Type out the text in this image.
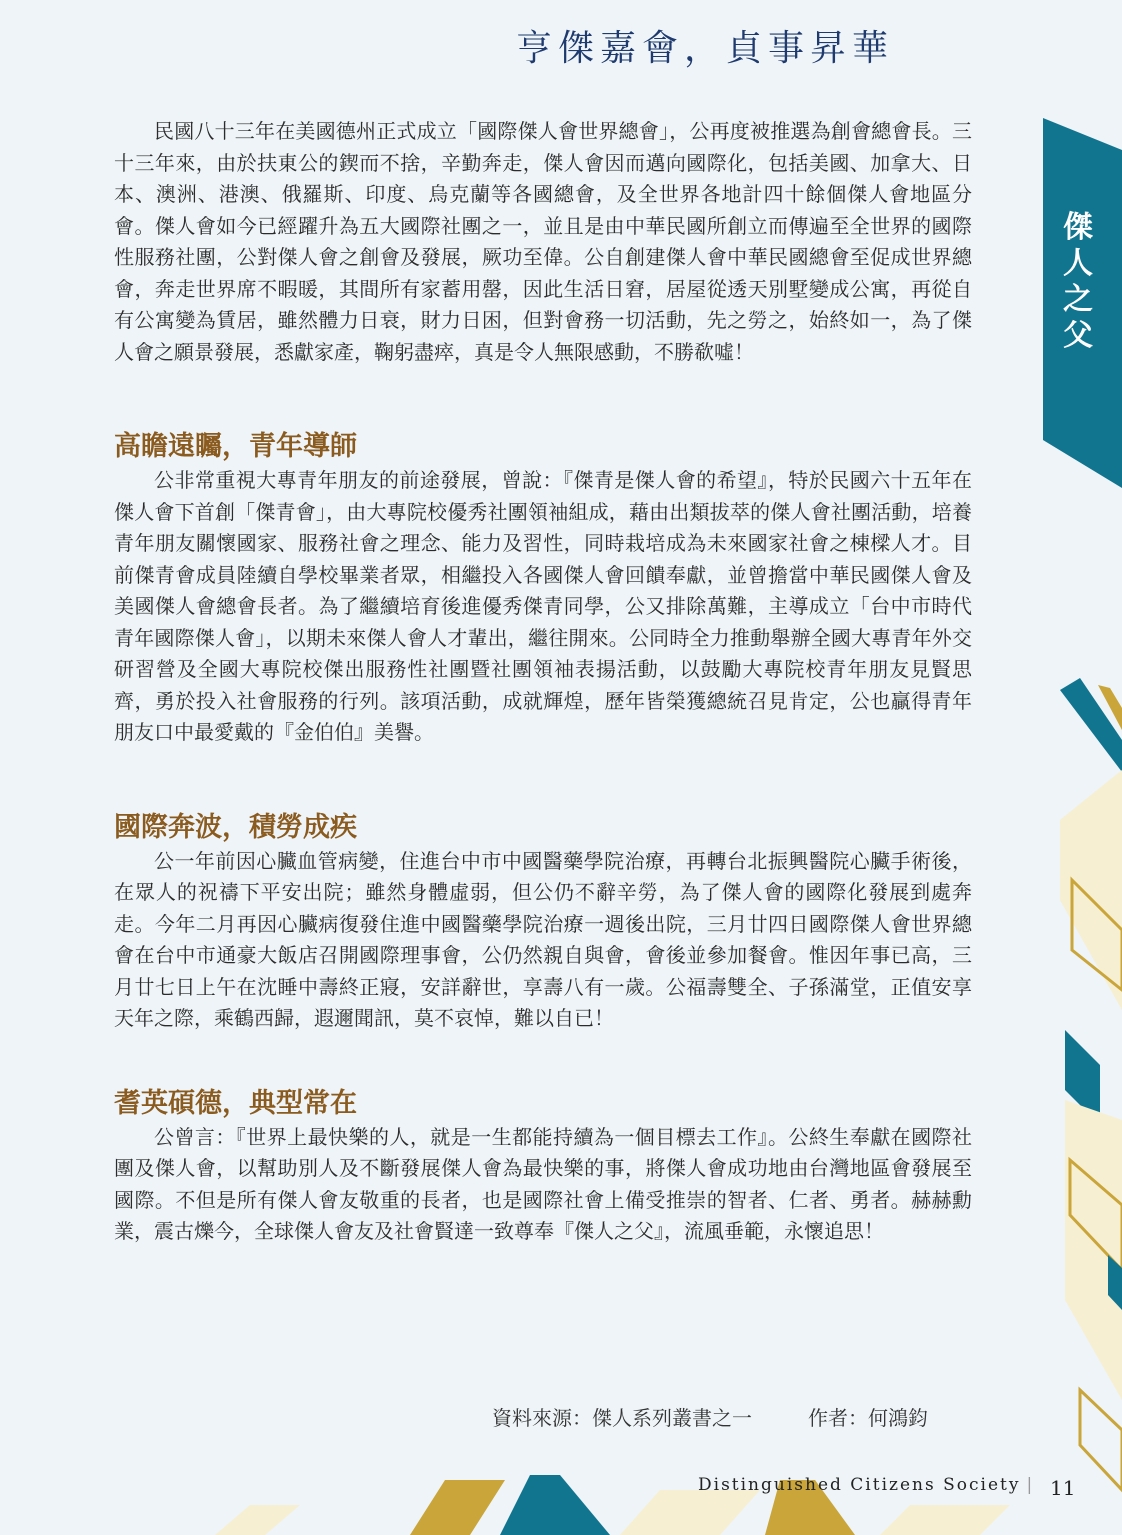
亨傑嘉會，貞事昇華
傑
人
之
父

民國八十三年在美國德州正式成立「國際傑人會世界總會」，公再度被推選為創會總會長。三十三年來，由於扶東公的鍥而不捨，辛勤奔走，傑人會因而邁向國際化，包括美國、加拿大、日本、澳洲、港澳、俄羅斯、印度、烏克蘭等各國總會，及全世界各地計四十餘個傑人會地區分會。傑人會如今已經躍升為五大國際社團之一，並且是由中華民國所創立而傳遍至全世界的國際性服務社團，公對傑人會之創會及發展，厥功至偉。公自創建傑人會中華民國總會至促成世界總會，奔走世界席不暇暖，其間所有家蓄用罄，因此生活日窘，居屋從透天別墅變成公寓，再從自有公寓變為賃居，雖然體力日衰，財力日困，但對會務一切活動，先之勞之，始終如一，為了傑人會之願景發展，悉獻家產，鞠躬盡瘁，真是令人無限感動，不勝欷噓！

高瞻遠矚，青年導師

公非常重視大專青年朋友的前途發展，曾說：『傑青是傑人會的希望』，特於民國六十五年在傑人會下首創「傑青會」，由大專院校優秀社團領袖組成，藉由出類拔萃的傑人會社團活動，培養青年朋友關懷國家、服務社會之理念、能力及習性，同時栽培成為未來國家社會之棟樑人才。目前傑青會成員陸續自學校畢業者眾，相繼投入各國傑人會回饋奉獻，並曾擔當中華民國傑人會及美國傑人會總會長者。為了繼續培育後進優秀傑青同學，公又排除萬難，主導成立「台中市時代青年國際傑人會」，以期未來傑人會人才輩出，繼往開來。公同時全力推動舉辦全國大專青年外交研習營及全國大專院校傑出服務性社團暨社團領袖表揚活動，以鼓勵大專院校青年朋友見賢思齊，勇於投入社會服務的行列。該項活動，成就輝煌，歷年皆榮獲總統召見肯定，公也贏得青年朋友口中最愛戴的『金伯伯』美譽。

國際奔波，積勞成疾

公一年前因心臟血管病變，住進台中市中國醫藥學院治療，再轉台北振興醫院心臟手術後，在眾人的祝禱下平安出院；雖然身體虛弱，但公仍不辭辛勞，為了傑人會的國際化發展到處奔走。今年二月再因心臟病復發住進中國醫藥學院治療一週後出院，三月廿四日國際傑人會世界總會在台中市通豪大飯店召開國際理事會，公仍然親自與會，會後並參加餐會。惟因年事已高，三月廿七日上午在沈睡中壽終正寢，安詳辭世，享壽八有一歲。公福壽雙全、子孫滿堂，正值安享天年之際，乘鶴西歸，遐邇聞訊，莫不哀悼，難以自已！

耆英碩德，典型常在

公曾言：『世界上最快樂的人，就是一生都能持續為一個目標去工作』。公終生奉獻在國際社團及傑人會，以幫助別人及不斷發展傑人會為最快樂的事，將傑人會成功地由台灣地區會發展至國際。不但是所有傑人會友敬重的長者，也是國際社會上備受推崇的智者、仁者、勇者。赫赫勳業，震古爍今，全球傑人會友及社會賢達一致尊奉『傑人之父』，流風垂範，永懷追思！

資料來源：傑人系列叢書之一	作者：何鴻鈞
Distinguished Citizens Society | 11
